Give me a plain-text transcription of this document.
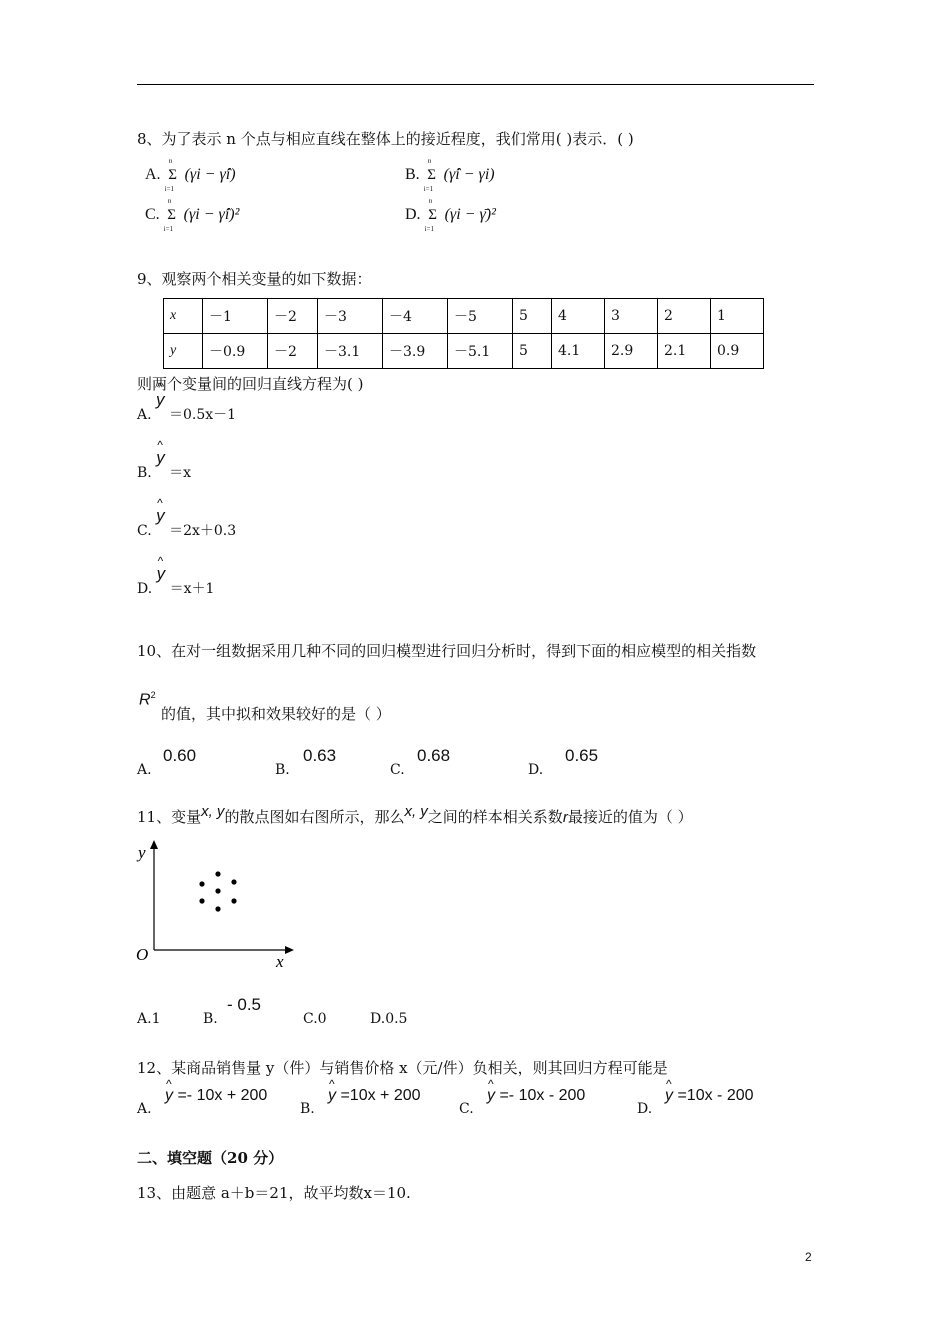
8、为了表示 n 个点与相应直线在整体上的接近程度，我们常用( )表示．( )
A. Σ
n
i=1
(γi − γ̂i)	B. Σ
n
i=1
(γ̂i − γi)
C. Σ
n
i=1
(γi − γ̂i)²	D. Σ
n
i=1
(γi − γ̄)²
9、观察两个相关变量的如下数据：
x	－1	－2	－3	－4	－5	5	4	3	2	1
y	－0.9	－2	－3.1	－3.9	－5.1	5	4.1	2.9	2.1	0.9
则两个变量间的回归直线方程为( )
A. ^ y ＝0.5x－1
B. ^ y ＝x
C. ^ y ＝2x＋0.3
D. ^ y ＝x＋1
10、在对一组数据采用几种不同的回归模型进行回归分析时，得到下面的相应模型的相关指数
$R^2$
的值，其中拟和效果较好的是（ ）
A.
0.60
B.
0.63
C.
0.68
D.
0.65
11、变量x, y的散点图如右图所示，那么x, y之间的样本相关系数r最接近的值为（ ）
y
x
O
A.1	B.
- 0.5
C.0	D.0.5
12、某商品销售量 y（件）与销售价格 x（元/件）负相关，则其回归方程可能是
A.
^ y =- 10x + 200
B.
^ y =10x + 200
C.
^ y =- 10x - 200
D.
^ y =10x - 200
二、填空题（20 分）
13、由题意 a＋b＝21，故平均数x＝10.
2
